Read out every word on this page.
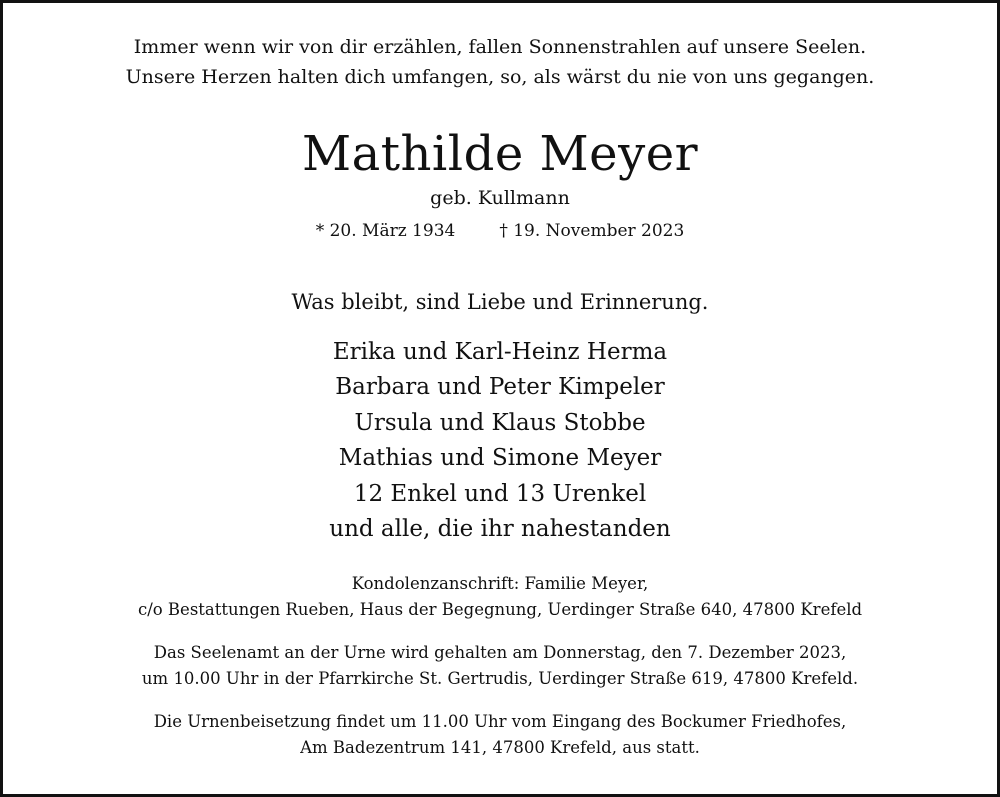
Immer wenn wir von dir erzählen, fallen Sonnenstrahlen auf unsere Seelen.
Unsere Herzen halten dich umfangen, so, als wärst du nie von uns gegangen.
Mathilde Meyer
geb. Kullmann
* 20. März 1934	† 19. November 2023
Was bleibt, sind Liebe und Erinnerung.
Erika und Karl-Heinz Herma
Barbara und Peter Kimpeler
Ursula und Klaus Stobbe
Mathias und Simone Meyer
12 Enkel und 13 Urenkel
und alle, die ihr nahestanden
Kondolenzanschrift: Familie Meyer,
c/o Bestattungen Rueben, Haus der Begegnung, Uerdinger Straße 640, 47800 Krefeld
Das Seelenamt an der Urne wird gehalten am Donnerstag, den 7. Dezember 2023,
um 10.00 Uhr in der Pfarrkirche St. Gertrudis, Uerdinger Straße 619, 47800 Krefeld.
Die Urnenbeisetzung findet um 11.00 Uhr vom Eingang des Bockumer Friedhofes,
Am Badezentrum 141, 47800 Krefeld, aus statt.
